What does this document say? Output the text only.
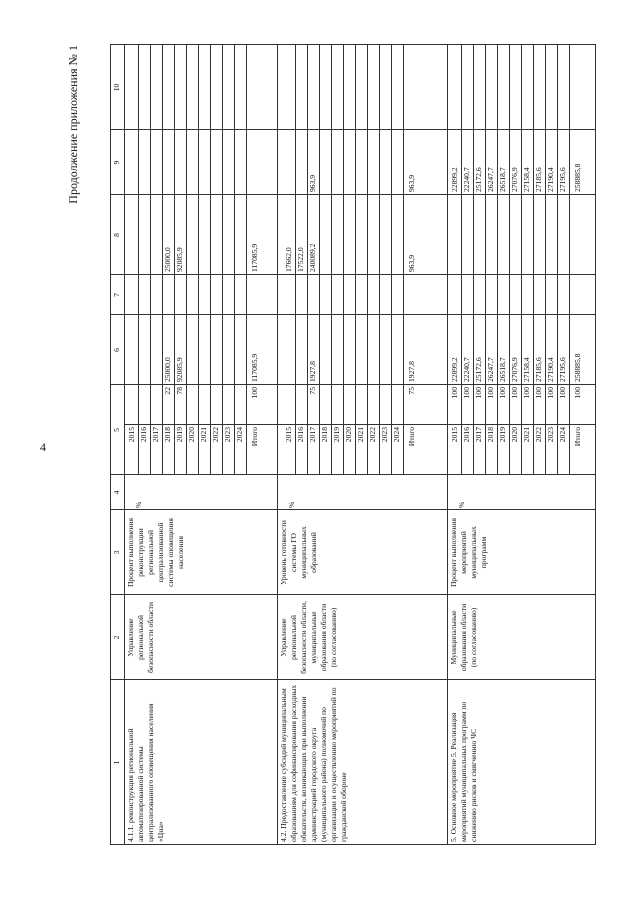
4
Продолжение приложения № 1
1
2
3
4
5
6
7
8
9
10
4.1.1. реконструкция региональной автоматизированной системы централизованного оповещения населения «Цна»
Управление региональной безопасности области
Процент выполнения реконструкции региональной централизованной системы оповещения населения
%
2015 2016 2017 2018
22
25000,0
25000,0
2019
78
92085,9
92085,9
2020 2021 2022 2023 2024 Итого
100
117085,9
117085,9
4.2. Предоставление субсидий муниципальным образованиям для софинансирования расходных обязательств, возникающих при выполнении администрацией городского округа (муниципального района) полномочий по организации и осуществлению мероприятий по гражданской обороне
Управление региональной безопасности области, муниципальные образования области (по согласованию)
Уровень готовности системы ГО муниципальных образований
%
2015
17662,0
2016
17522,0
2017
75
1927,8
240089,2
963,9
2018 2019 2020 2021 2022 2023 2024 Итого
75
1927,8
963,9
963,9
5. Основное мероприятие 5. Реализация мероприятий муниципальных программ по снижению рисков и смягчению ЧС
Муниципальные образования области (по согласованию)
Процент выполнения мероприятий муниципальных программ
%
2015
100
22899,2
22899,2
2016
100
22240,7
22240,7
2017
100
25172,6
25172,6
2018
100
26247,7
26247,7
2019
100
26518,7
26518,7
2020
100
27076,9
27076,9
2021
100
27158,4
27158,4
2022
100
27185,6
27185,6
2023
100
27190,4
27190,4
2024
100
27195,6
27195,6
Итого
100
258885,8
258885,8
